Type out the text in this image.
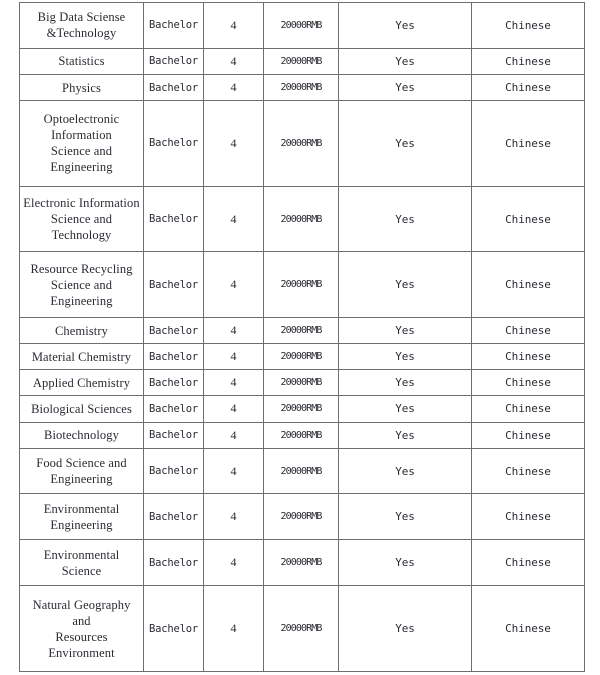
Big Data Sciense
&Technology	Bachelor	4	20000RMB	Yes	Chinese
Statistics	Bachelor	4	20000RMB	Yes	Chinese
Physics	Bachelor	4	20000RMB	Yes	Chinese
Optoelectronic Information
Science and Engineering	Bachelor	4	20000RMB	Yes	Chinese
Electronic Information
Science and Technology	Bachelor	4	20000RMB	Yes	Chinese
Resource Recycling
Science and Engineering	Bachelor	4	20000RMB	Yes	Chinese
Chemistry	Bachelor	4	20000RMB	Yes	Chinese
Material Chemistry	Bachelor	4	20000RMB	Yes	Chinese
Applied Chemistry	Bachelor	4	20000RMB	Yes	Chinese
Biological Sciences	Bachelor	4	20000RMB	Yes	Chinese
Biotechnology	Bachelor	4	20000RMB	Yes	Chinese
Food Science and
Engineering	Bachelor	4	20000RMB	Yes	Chinese
Environmental
Engineering	Bachelor	4	20000RMB	Yes	Chinese
Environmental Science	Bachelor	4	20000RMB	Yes	Chinese
Natural Geography and
Resources Environment	Bachelor	4	20000RMB	Yes	Chinese
